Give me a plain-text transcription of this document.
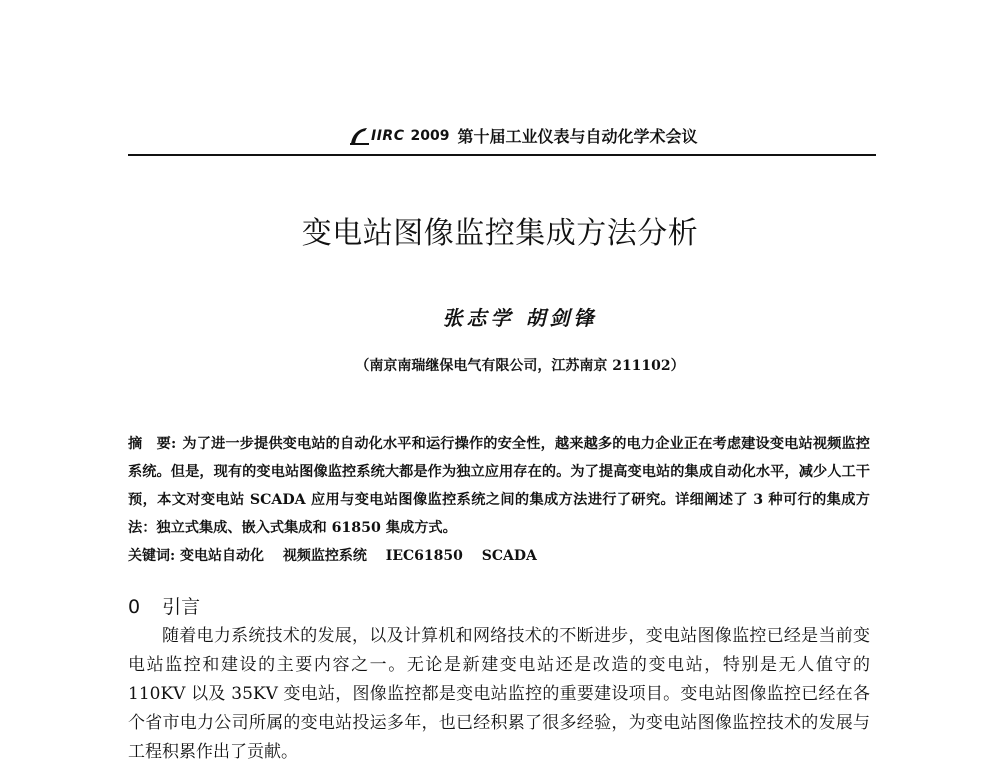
IIRC 2009 第十届工业仪表与自动化学术会议
变电站图像监控集成方法分析
张志学 胡剑锋
（南京南瑞继保电气有限公司，江苏南京 211102）
摘　要: 为了进一步提供变电站的自动化水平和运行操作的安全性，越来越多的电力企业正在考虑建设变电站视频监控系统。但是，现有的变电站图像监控系统大都是作为独立应用存在的。为了提高变电站的集成自动化水平，减少人工干预，本文对变电站 SCADA 应用与变电站图像监控系统之间的集成方法进行了研究。详细阐述了 3 种可行的集成方法：独立式集成、嵌入式集成和 61850 集成方式。
关键词: 变电站自动化 视频监控系统 IEC61850 SCADA
0 引言

随着电力系统技术的发展，以及计算机和网络技术的不断进步，变电站图像监控已经是当前变电站监控和建设的主要内容之一。无论是新建变电站还是改造的变电站，特别是无人值守的 110KV 以及 35KV 变电站，图像监控都是变电站监控的重要建设项目。变电站图像监控已经在各个省市电力公司所属的变电站投运多年，也已经积累了很多经验，为变电站图像监控技术的发展与工程积累作出了贡献。
